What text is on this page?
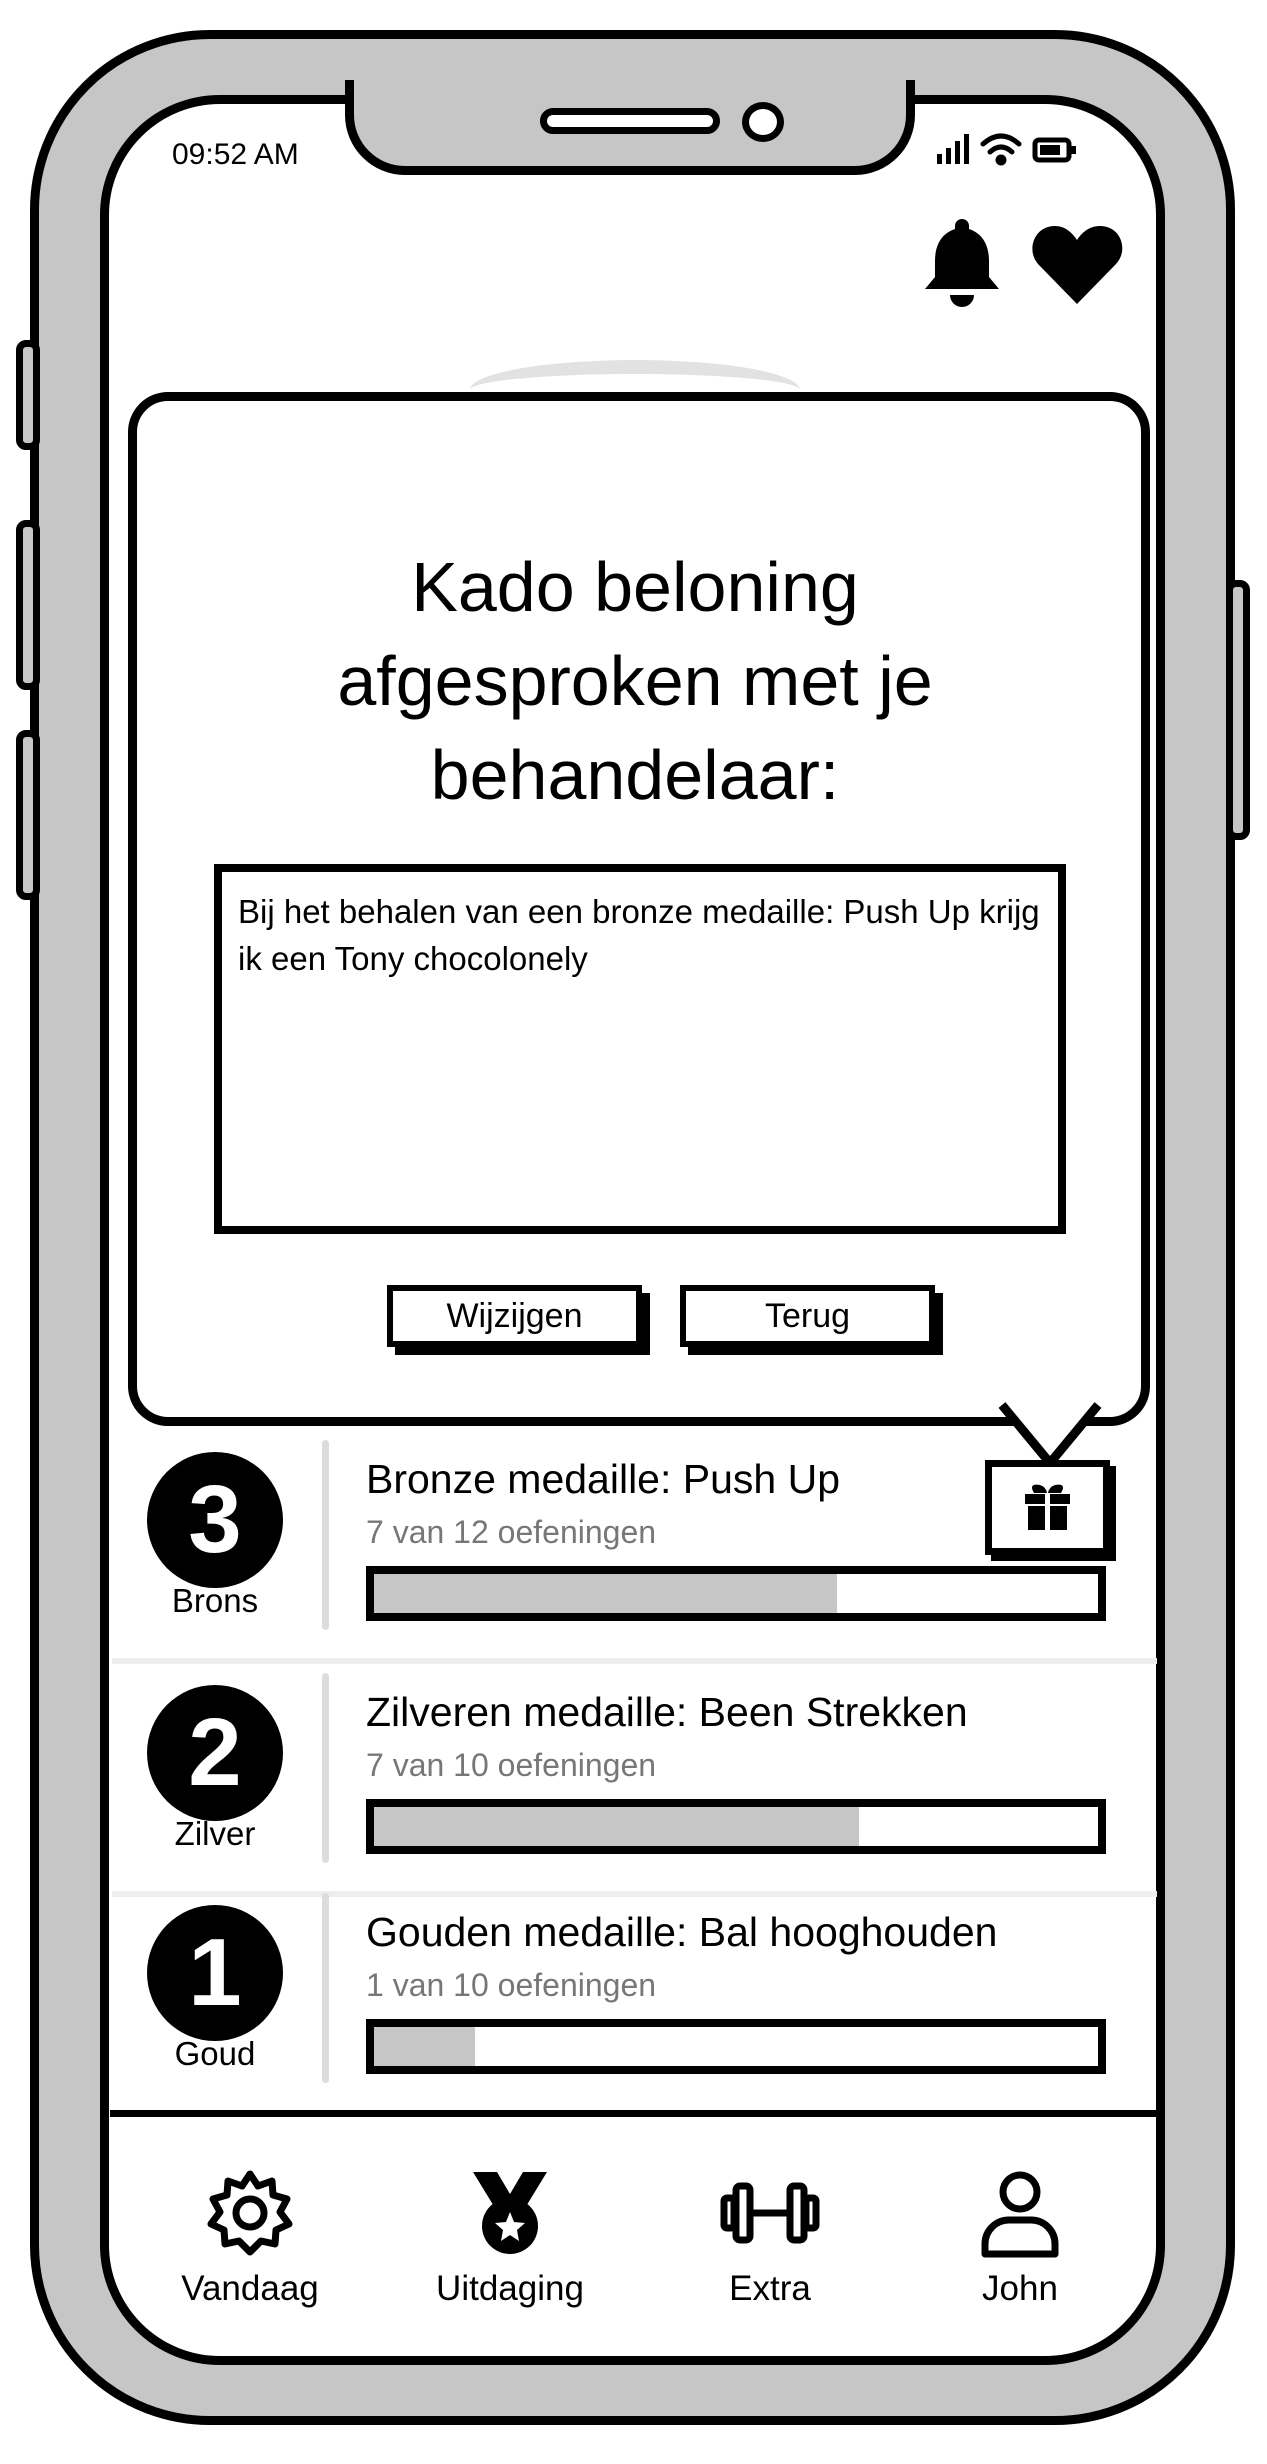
09:52 AM
Kado beloning
afgesproken met je
behandelaar:
Bij het behalen van een bronze medaille: Push Up krijg ik een Tony chocolonely
Wijzijgen	Terug
3
Brons
Bronze medaille: Push Up
7 van 12 oefeningen
2
Zilver
Zilveren medaille: Been Strekken
7 van 10 oefeningen
1
Goud
Gouden medaille: Bal hooghouden
1 van 10 oefeningen
Vandaag	Uitdaging	Extra	John
